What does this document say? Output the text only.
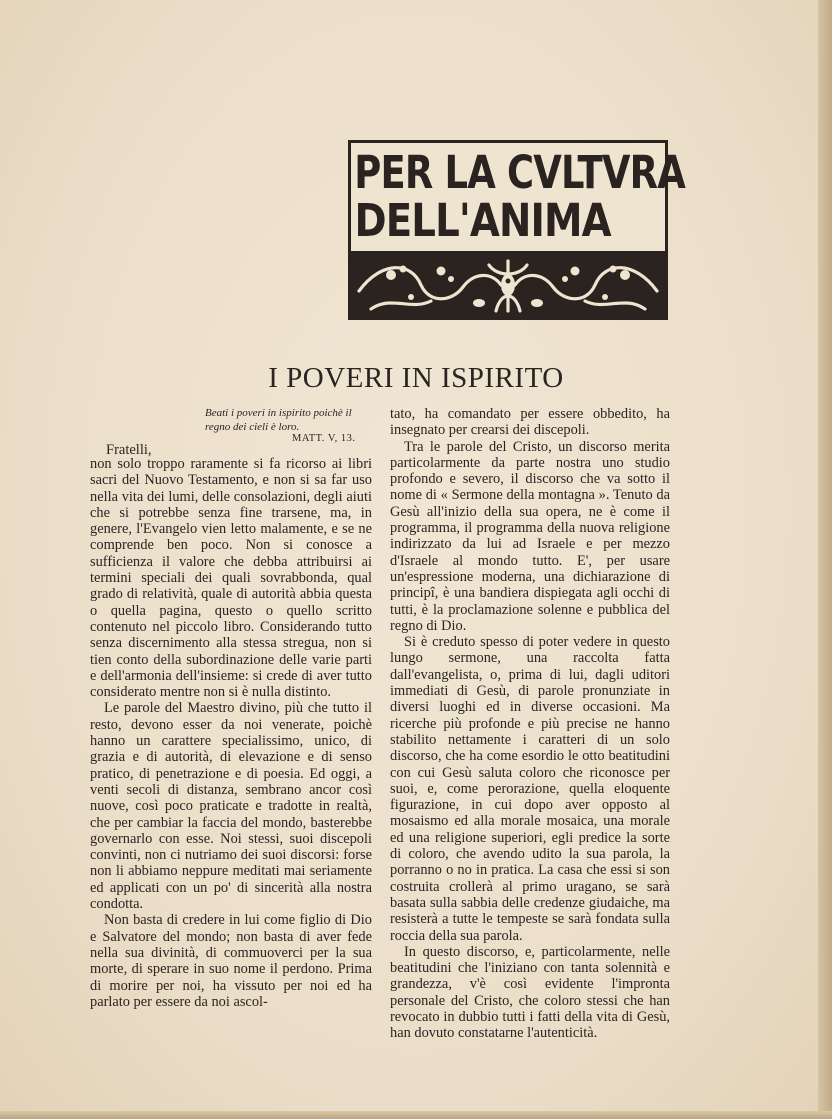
PER LA CVLTVRA
DELL'ANIMA
I POVERI IN ISPIRITO
Beati i poveri in ispirito poichè il regno dei cieli è loro.
MATT. V, 13.
Fratelli,

non solo troppo raramente si fa ricorso ai libri sacri del Nuovo Testamento, e non si sa far uso nella vita dei lumi, delle consolazioni, degli aiuti che si potrebbe senza fine trarsene, ma, in genere, l'Evangelo vien letto malamente, e se ne comprende ben poco. Non si conosce a sufficienza il valore che debba attribuirsi ai termini speciali dei quali sovrabbonda, qual grado di relatività, quale di autorità abbia questa o quella pagina, questo o quello scritto contenuto nel piccolo libro. Considerando tutto senza discernimento alla stessa stregua, non si tien conto della subordinazione delle varie parti e dell'armonia dell'insieme: si crede di aver tutto considerato mentre non si è nulla distinto.

Le parole del Maestro divino, più che tutto il resto, devono esser da noi venerate, poichè hanno un carattere specialissimo, unico, di grazia e di autorità, di elevazione e di senso pratico, di penetrazione e di poesia. Ed oggi, a venti secoli di distanza, sembrano ancor così nuove, così poco praticate e tradotte in realtà, che per cambiar la faccia del mondo, basterebbe governarlo con esse. Noi stessi, suoi discepoli convinti, non ci nutriamo dei suoi discorsi: forse non li abbiamo neppure meditati mai seriamente ed applicati con un po' di sincerità alla nostra condotta.

Non basta di credere in lui come figlio di Dio e Salvatore del mondo; non basta di aver fede nella sua divinità, di commuoverci per la sua morte, di sperare in suo nome il perdono. Prima di morire per noi, ha vissuto per noi ed ha parlato per essere da noi ascol-

tato, ha comandato per essere obbedito, ha insegnato per crearsi dei discepoli.

Tra le parole del Cristo, un discorso merita particolarmente da parte nostra uno studio profondo e severo, il discorso che va sotto il nome di « Sermone della montagna ». Tenuto da Gesù all'inizio della sua opera, ne è come il programma, il programma della nuova religione indirizzato da lui ad Israele e per mezzo d'Israele al mondo tutto. E', per usare un'espressione moderna, una dichiarazione di principî, è una bandiera dispiegata agli occhi di tutti, è la proclamazione solenne e pubblica del regno di Dio.

Si è creduto spesso di poter vedere in questo lungo sermone, una raccolta fatta dall'evangelista, o, prima di lui, dagli uditori immediati di Gesù, di parole pronunziate in diversi luoghi ed in diverse occasioni. Ma ricerche più profonde e più precise ne hanno stabilito nettamente i caratteri di un solo discorso, che ha come esordio le otto beatitudini con cui Gesù saluta coloro che riconosce per suoi, e, come perorazione, quella eloquente figurazione, in cui dopo aver opposto al mosaismo ed alla morale mosaica, una morale ed una religione superiori, egli predice la sorte di coloro, che avendo udito la sua parola, la porranno o no in pratica. La casa che essi si son costruita crollerà al primo uragano, se sarà basata sulla sabbia delle credenze giudaiche, ma resisterà a tutte le tempeste se sarà fondata sulla roccia della sua parola.

In questo discorso, e, particolarmente, nelle beatitudini che l'iniziano con tanta solennità e grandezza, v'è così evidente l'impronta personale del Cristo, che coloro stessi che han revocato in dubbio tutti i fatti della vita di Gesù, han dovuto constatarne l'autenticità.
